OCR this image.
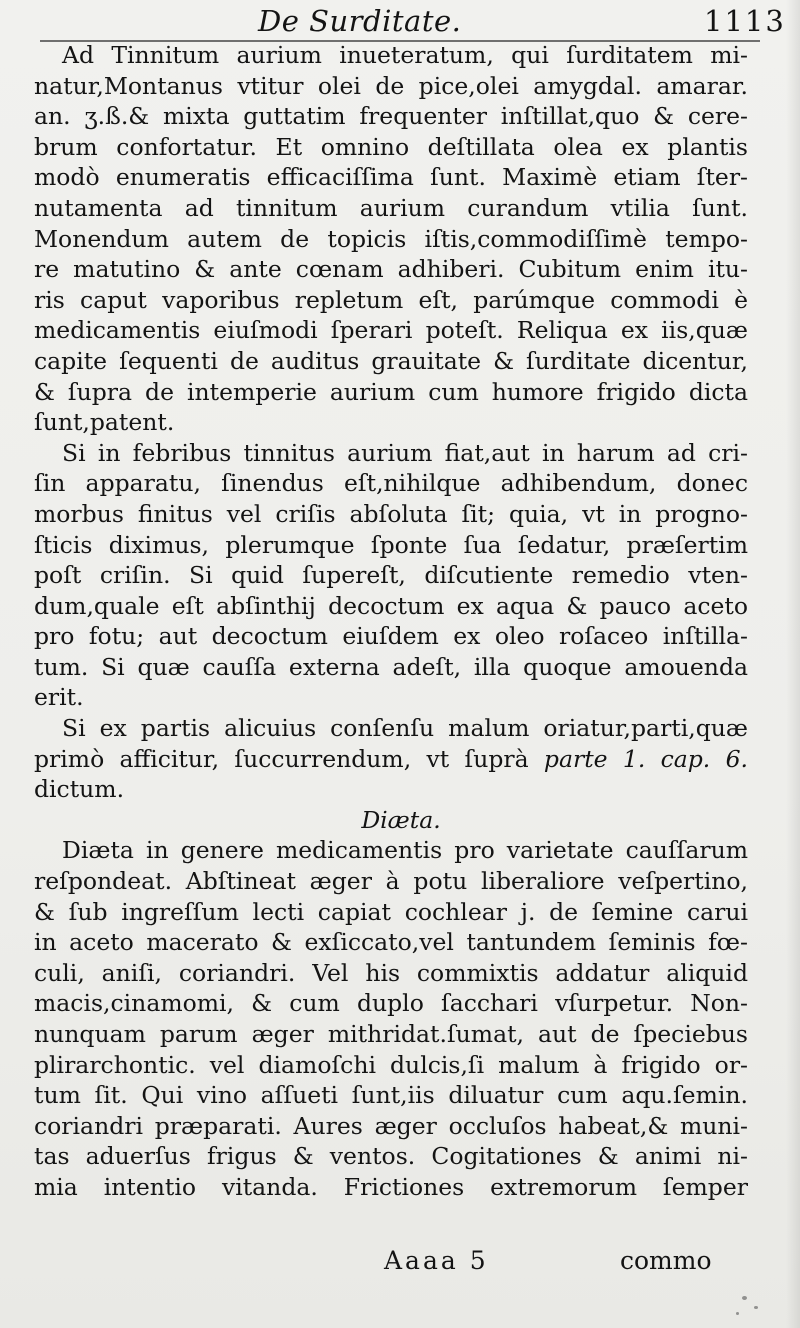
De Surditate.	1113
Ad Tinnitum aurium inueteratum, qui ſurditatem mi-
natur,Montanus vtitur olei de pice,olei amygdal. amarar.
an. ʒ.ß.& mixta guttatim frequenter inſtillat,quo & cere-
brum confortatur. Et omnino deſtillata olea ex plantis
modò enumeratis efficaciſſima ſunt. Maximè etiam ſter-
nutamenta ad tinnitum aurium curandum vtilia ſunt.
Monendum autem de topicis iſtis,commodiſſimè tempo-
re matutino & ante cœnam adhiberi. Cubitum enim itu-
ris caput vaporibus repletum eſt, parúmque commodi è
medicamentis eiuſmodi ſperari poteſt. Reliqua ex iis,quæ
capite ſequenti de auditus grauitate & ſurditate dicentur,
& ſupra de intemperie aurium cum humore frigido dicta
ſunt,patent.
Si in febribus tinnitus aurium fiat,aut in harum ad cri-
ſin apparatu, ſinendus eſt,nihilque adhibendum, donec
morbus finitus vel criſis abſoluta ſit; quia, vt in progno-
ſticis diximus, plerumque ſponte ſua ſedatur, præſertim
poſt criſin. Si quid ſupereſt, diſcutiente remedio vten-
dum,quale eſt abſinthij decoctum ex aqua & pauco aceto
pro fotu; aut decoctum eiuſdem ex oleo roſaceo inſtilla-
tum. Si quæ cauſſa externa adeſt, illa quoque amouenda
erit.
Si ex partis alicuius conſenſu malum oriatur,parti,quæ
primò afficitur, ſuccurrendum, vt ſuprà parte 1. cap. 6.
dictum.
Diæta.
Diæta in genere medicamentis pro varietate cauſſarum
reſpondeat. Abſtineat æger à potu liberaliore veſpertino,
& ſub ingreſſum lecti capiat cochlear j. de ſemine carui
in aceto macerato & exſiccato,vel tantundem ſeminis fœ-
culi, aniſi, coriandri. Vel his commixtis addatur aliquid
macis,cinamomi, & cum duplo ſacchari vſurpetur. Non-
nunquam parum æger mithridat.ſumat, aut de ſpeciebus
plirarchontic. vel diamoſchi dulcis,ſi malum à frigido or-
tum ſit. Qui vino aſſueti ſunt,iis diluatur cum aqu.ſemin.
coriandri præparati. Aures æger occluſos habeat,& muni-
tas aduerſus frigus & ventos. Cogitationes & animi ni-
mia intentio vitanda. Frictiones extremorum ſemper
Aaaa 5	commo
